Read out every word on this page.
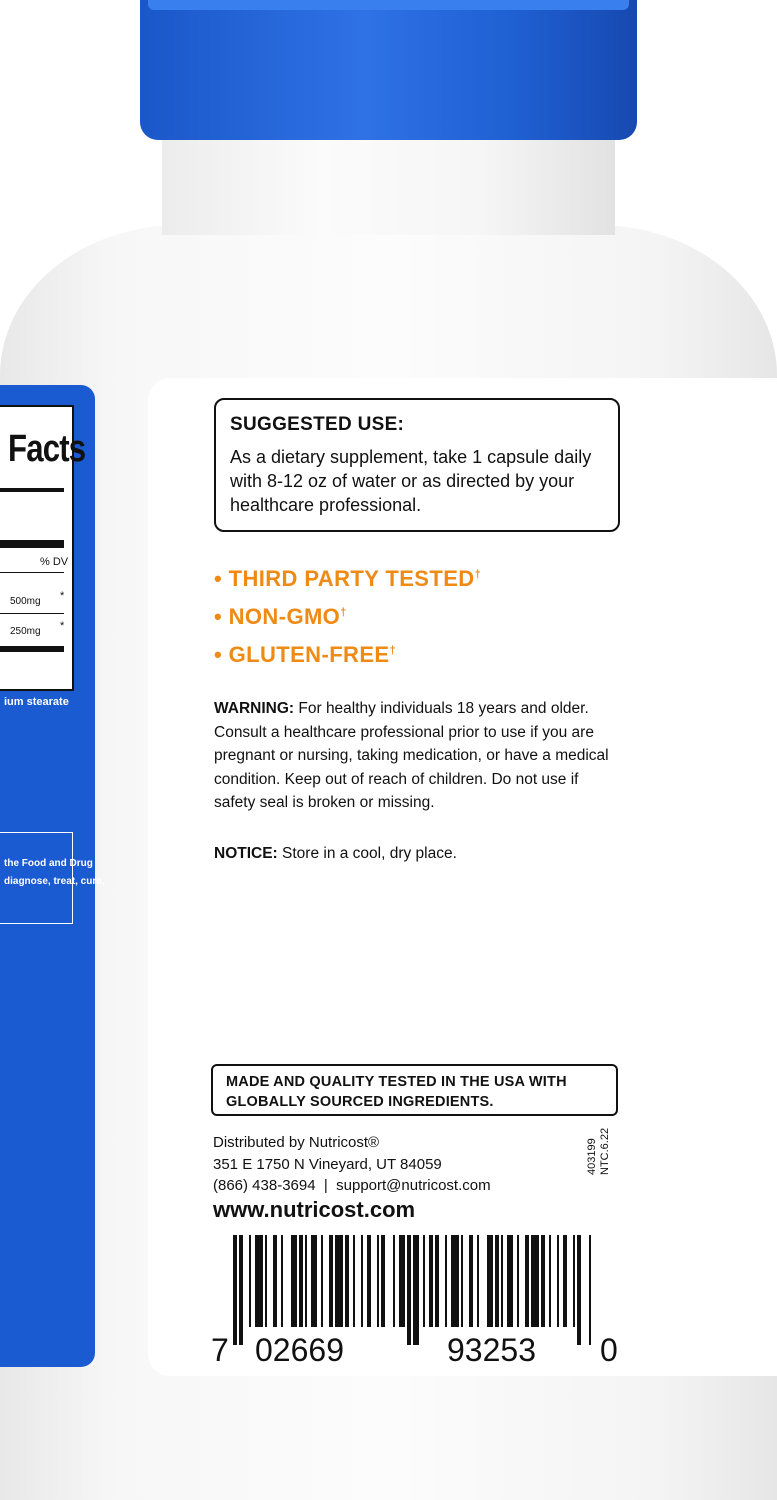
Facts
% DV
500mg *
250mg *
ium stearate
the Food and Drug
diagnose, treat, cure,
SUGGESTED USE:
As a dietary supplement, take 1 capsule daily with 8-12 oz of water or as directed by your healthcare professional.
• THIRD PARTY TESTED†
• NON-GMO†
• GLUTEN-FREE†
WARNING: For healthy individuals 18 years and older. Consult a healthcare professional prior to use if you are pregnant or nursing, taking medication, or have a medical condition. Keep out of reach of children. Do not use if safety seal is broken or missing.
NOTICE: Store in a cool, dry place.
MADE AND QUALITY TESTED IN THE USA WITH
GLOBALLY SOURCED INGREDIENTS.
Distributed by Nutricost®
351 E 1750 N Vineyard, UT 84059
(866) 438-3694  |  support@nutricost.com
www.nutricost.com
403199 NTC.6.22
7 02669	93253 0
